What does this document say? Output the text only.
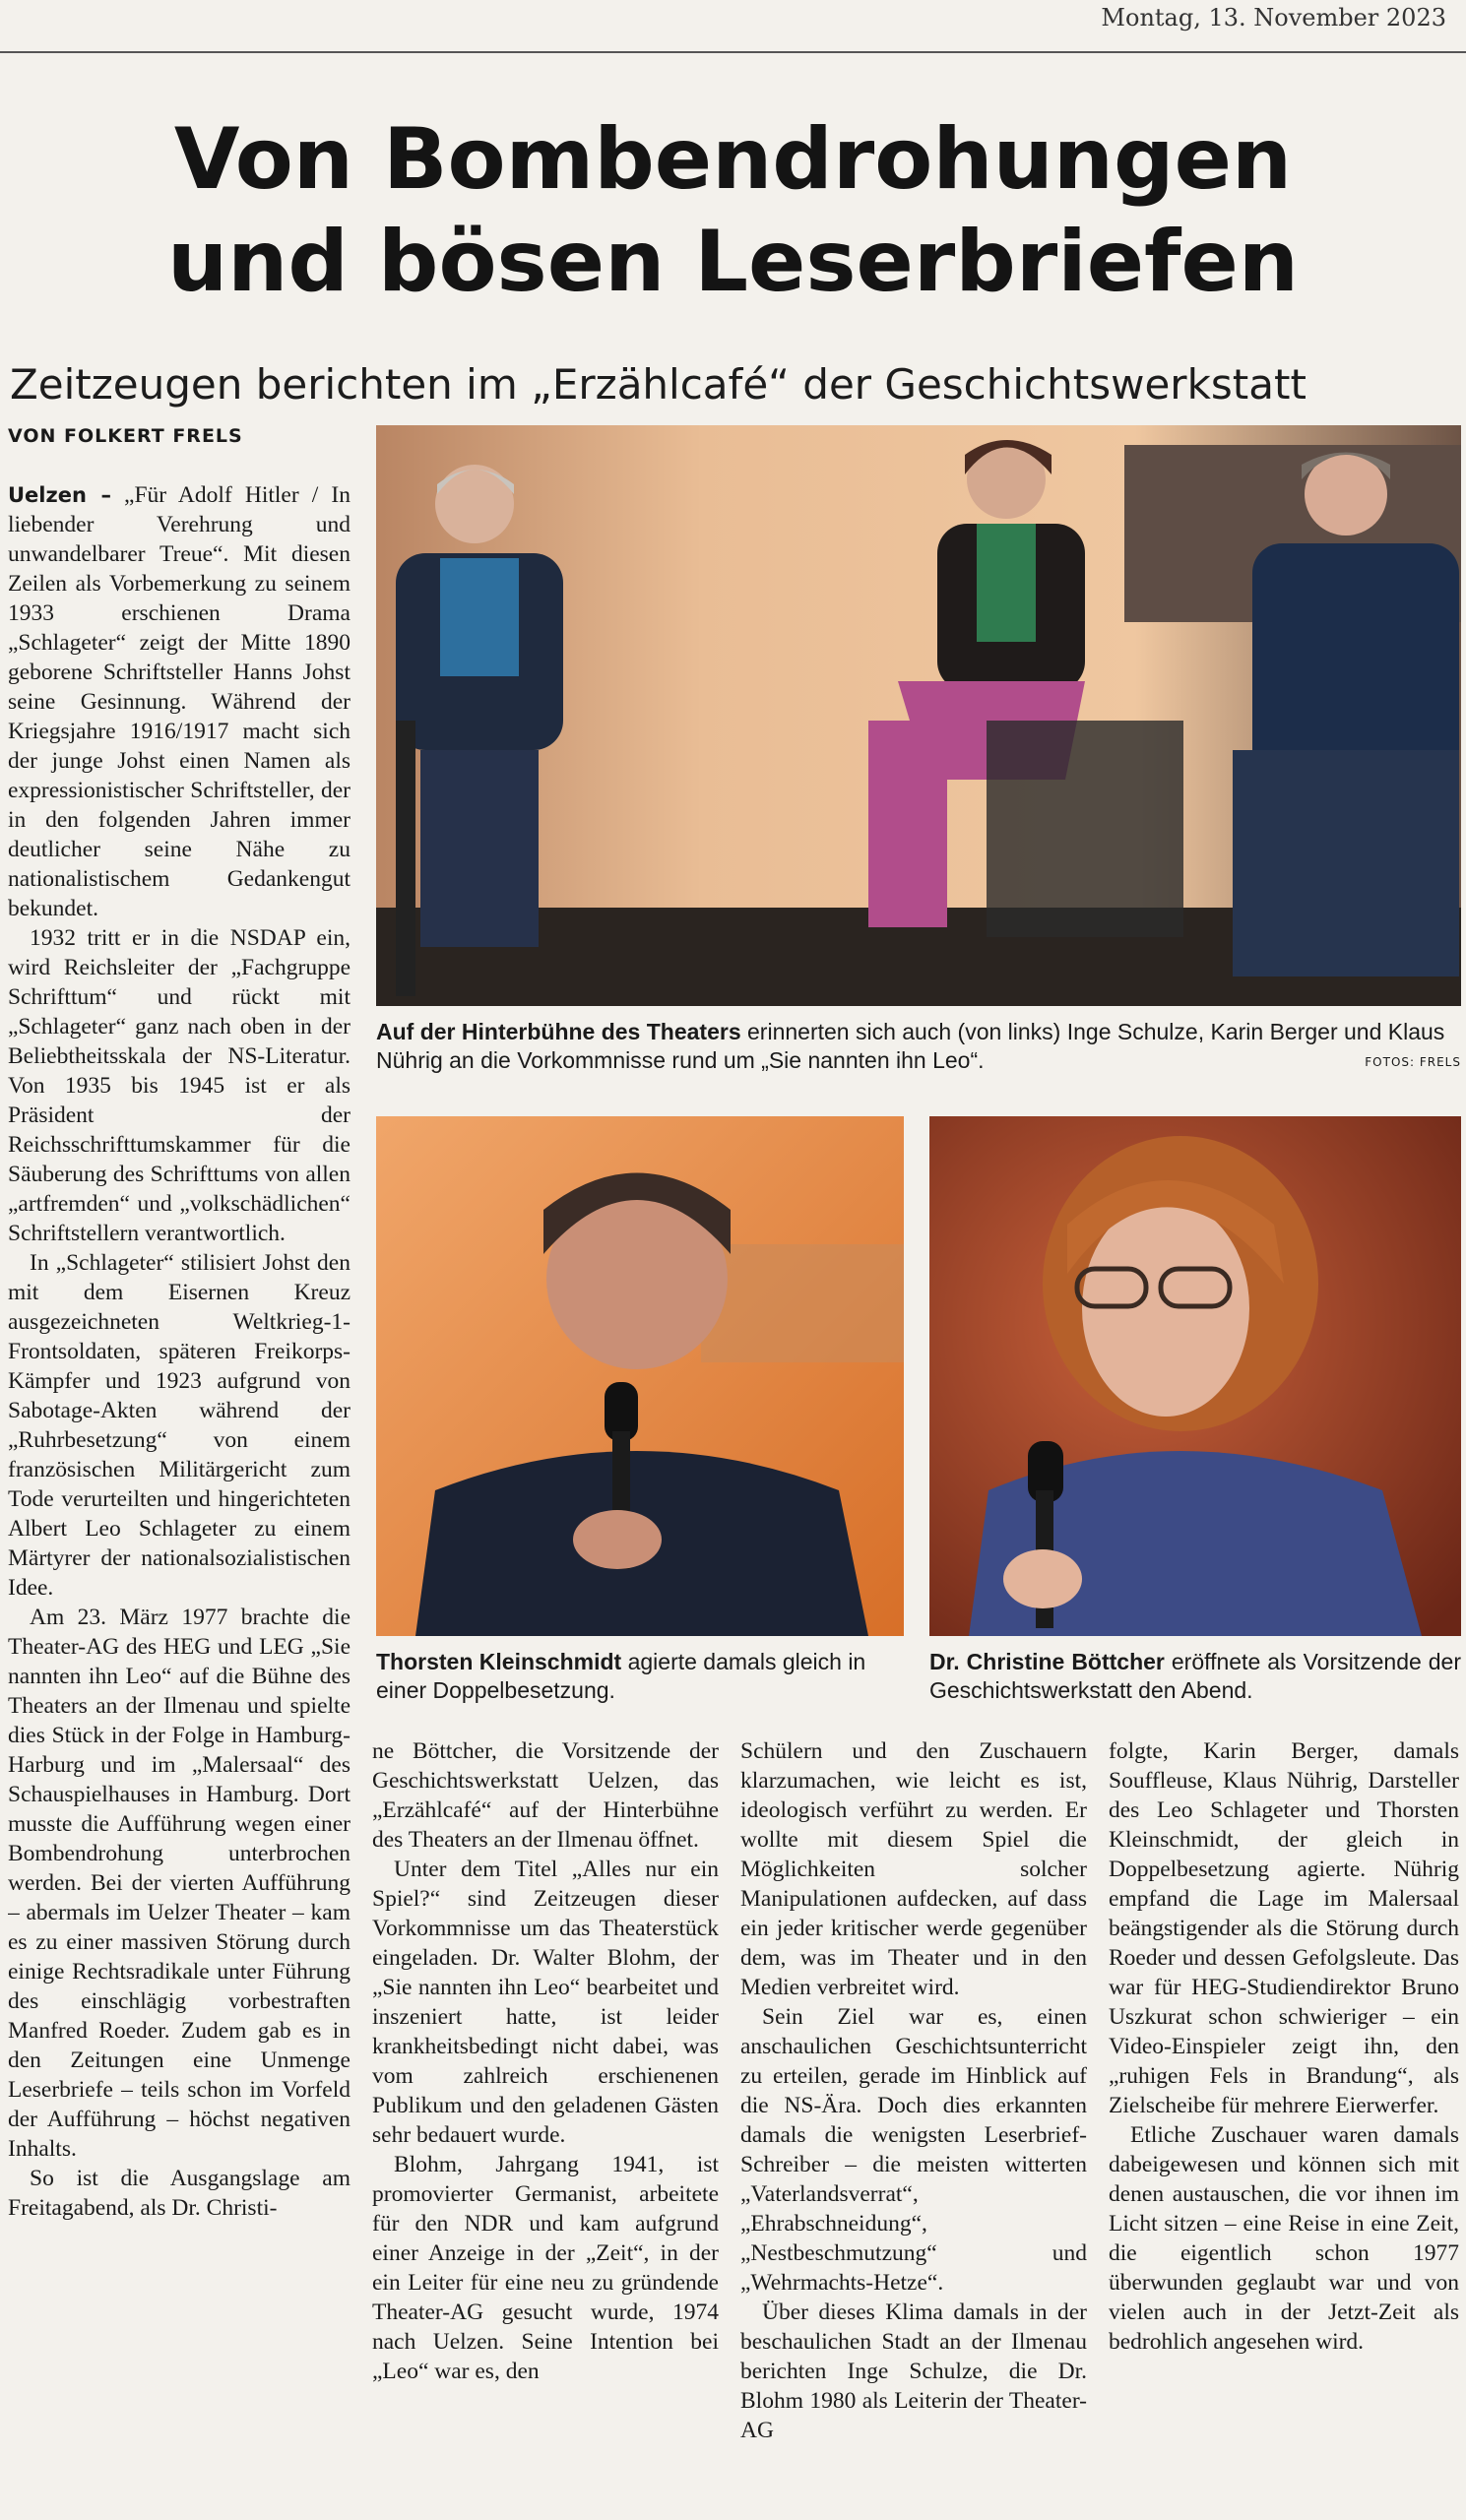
Montag, 13. November 2023
Von Bombendrohungen
und bösen Leserbriefen
Zeitzeugen berichten im „Erzählcafé“ der Geschichtswerkstatt
VON FOLKERT FRELS
Auf der Hinterbühne des Theaters erinnerten sich auch (von links) Inge Schulze, Karin Berger und Klaus Nührig an die Vorkommnisse rund um „Sie nannten ihn Leo“.	FOTOS: FRELS
Thorsten Kleinschmidt agierte damals gleich in einer Doppelbesetzung.
Dr. Christine Böttcher eröffnete als Vorsitzende der Geschichtswerkstatt den Abend.

Uelzen – „Für Adolf Hitler / In liebender Verehrung und unwandelbarer Treue“. Mit diesen Zeilen als Vorbemerkung zu seinem 1933 erschienen Drama „Schlageter“ zeigt der Mitte 1890 geborene Schriftsteller Hanns Johst seine Gesinnung. Während der Kriegsjahre 1916/1917 macht sich der junge Johst einen Namen als expressionistischer Schriftsteller, der in den folgenden Jahren immer deutlicher seine Nähe zu nationalistischem Gedankengut bekundet.

1932 tritt er in die NSDAP ein, wird Reichsleiter der „Fachgruppe Schrifttum“ und rückt mit „Schlageter“ ganz nach oben in der Beliebtheitsskala der NS-Literatur. Von 1935 bis 1945 ist er als Präsident der Reichsschrifttumskammer für die Säuberung des Schrifttums von allen „artfremden“ und „volkschädlichen“ Schriftstellern verantwortlich.

In „Schlageter“ stilisiert Johst den mit dem Eisernen Kreuz ausgezeichneten Weltkrieg-1-Frontsoldaten, späteren Freikorps-Kämpfer und 1923 aufgrund von Sabotage-Akten während der „Ruhrbesetzung“ von einem französischen Militärgericht zum Tode verurteilten und hingerichteten Albert Leo Schlageter zu einem Märtyrer der nationalsozialistischen Idee.

Am 23. März 1977 brachte die Theater-AG des HEG und LEG „Sie nannten ihn Leo“ auf die Bühne des Theaters an der Ilmenau und spielte dies Stück in der Folge in Hamburg-Harburg und im „Malersaal“ des Schauspielhauses in Hamburg. Dort musste die Aufführung wegen einer Bombendrohung unterbrochen werden. Bei der vierten Aufführung – abermals im Uelzer Theater – kam es zu einer massiven Störung durch einige Rechtsradikale unter Führung des einschlägig vorbestraften Manfred Roeder. Zudem gab es in den Zeitungen eine Unmenge Leserbriefe – teils schon im Vorfeld der Aufführung – höchst negativen Inhalts.

So ist die Ausgangslage am Freitagabend, als Dr. Christi-

ne Böttcher, die Vorsitzende der Geschichtswerkstatt Uelzen, das „Erzählcafé“ auf der Hinterbühne des Theaters an der Ilmenau öffnet.

Unter dem Titel „Alles nur ein Spiel?“ sind Zeitzeugen dieser Vorkommnisse um das Theaterstück eingeladen. Dr. Walter Blohm, der „Sie nannten ihn Leo“ bearbeitet und inszeniert hatte, ist leider krankheitsbedingt nicht dabei, was vom zahlreich erschienenen Publikum und den geladenen Gästen sehr bedauert wurde.

Blohm, Jahrgang 1941, ist promovierter Germanist, arbeitete für den NDR und kam aufgrund einer Anzeige in der „Zeit“, in der ein Leiter für eine neu zu gründende Theater-AG gesucht wurde, 1974 nach Uelzen. Seine Intention bei „Leo“ war es, den

Schülern und den Zuschauern klarzumachen, wie leicht es ist, ideologisch verführt zu werden. Er wollte mit diesem Spiel die Möglichkeiten solcher Manipulationen aufdecken, auf dass ein jeder kritischer werde gegenüber dem, was im Theater und in den Medien verbreitet wird.

Sein Ziel war es, einen anschaulichen Geschichtsunterricht zu erteilen, gerade im Hinblick auf die NS-Ära. Doch dies erkannten damals die wenigsten Leserbrief-Schreiber – die meisten witterten „Vaterlandsverrat“, „Ehrabschneidung“, „Nestbeschmutzung“ und „Wehrmachts-Hetze“.

Über dieses Klima damals in der beschaulichen Stadt an der Ilmenau berichten Inge Schulze, die Dr. Blohm 1980 als Leiterin der Theater-AG

folgte, Karin Berger, damals Souffleuse, Klaus Nührig, Darsteller des Leo Schlageter und Thorsten Kleinschmidt, der gleich in Doppelbesetzung agierte. Nührig empfand die Lage im Malersaal beängstigender als die Störung durch Roeder und dessen Gefolgsleute. Das war für HEG-Studiendirektor Bruno Uszkurat schon schwieriger – ein Video-Einspieler zeigt ihn, den „ruhigen Fels in Brandung“, als Zielscheibe für mehrere Eierwerfer.

Etliche Zuschauer waren damals dabeigewesen und können sich mit denen austauschen, die vor ihnen im Licht sitzen – eine Reise in eine Zeit, die eigentlich schon 1977 überwunden geglaubt war und von vielen auch in der Jetzt-Zeit als bedrohlich angesehen wird.
